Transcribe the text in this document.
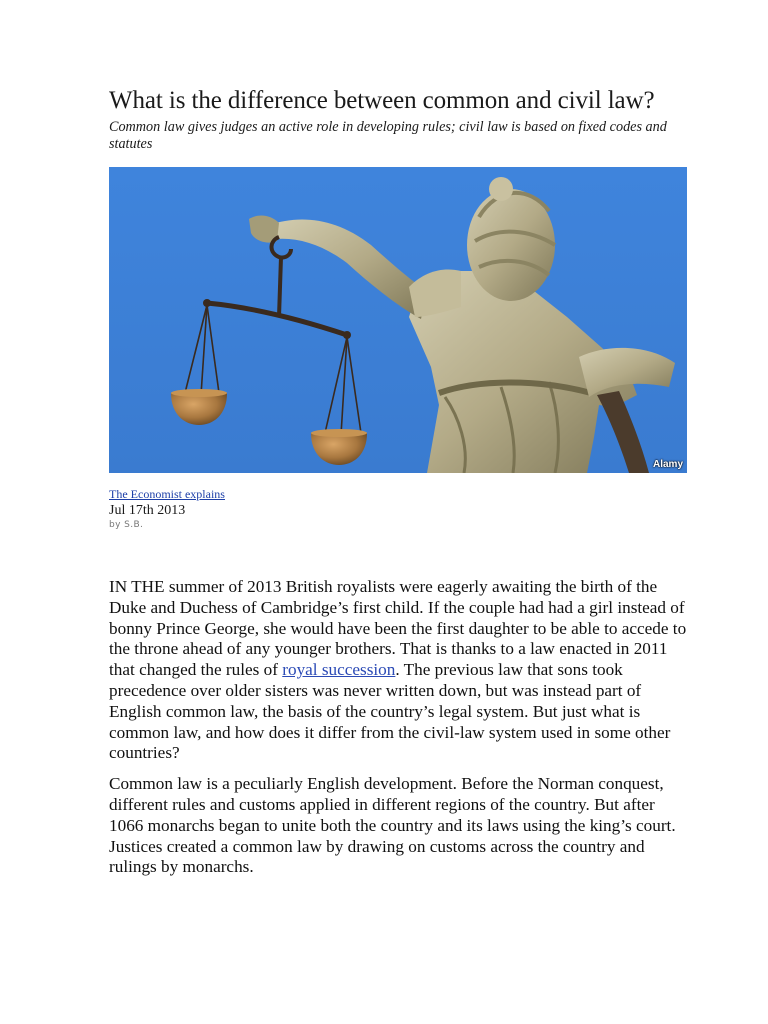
What is the difference between common and civil law?
Common law gives judges an active role in developing rules; civil law is based on fixed codes and statutes
Alamy
The Economist explains
Jul 17th 2013
by S.B.

IN THE summer of 2013 British royalists were eagerly awaiting the birth of the Duke and Duchess of Cambridge’s first child. If the couple had had a girl instead of bonny Prince George, she would have been the first daughter to be able to accede to the throne ahead of any younger brothers. That is thanks to a law enacted in 2011 that changed the rules of royal succession. The previous law that sons took precedence over older sisters was never written down, but was instead part of English common law, the basis of the country’s legal system. But just what is common law, and how does it differ from the civil-law system used in some other countries?

Common law is a peculiarly English development. Before the Norman conquest, different rules and customs applied in different regions of the country. But after 1066 monarchs began to unite both the country and its laws using the king’s court. Justices created a common law by drawing on customs across the country and rulings by monarchs.
